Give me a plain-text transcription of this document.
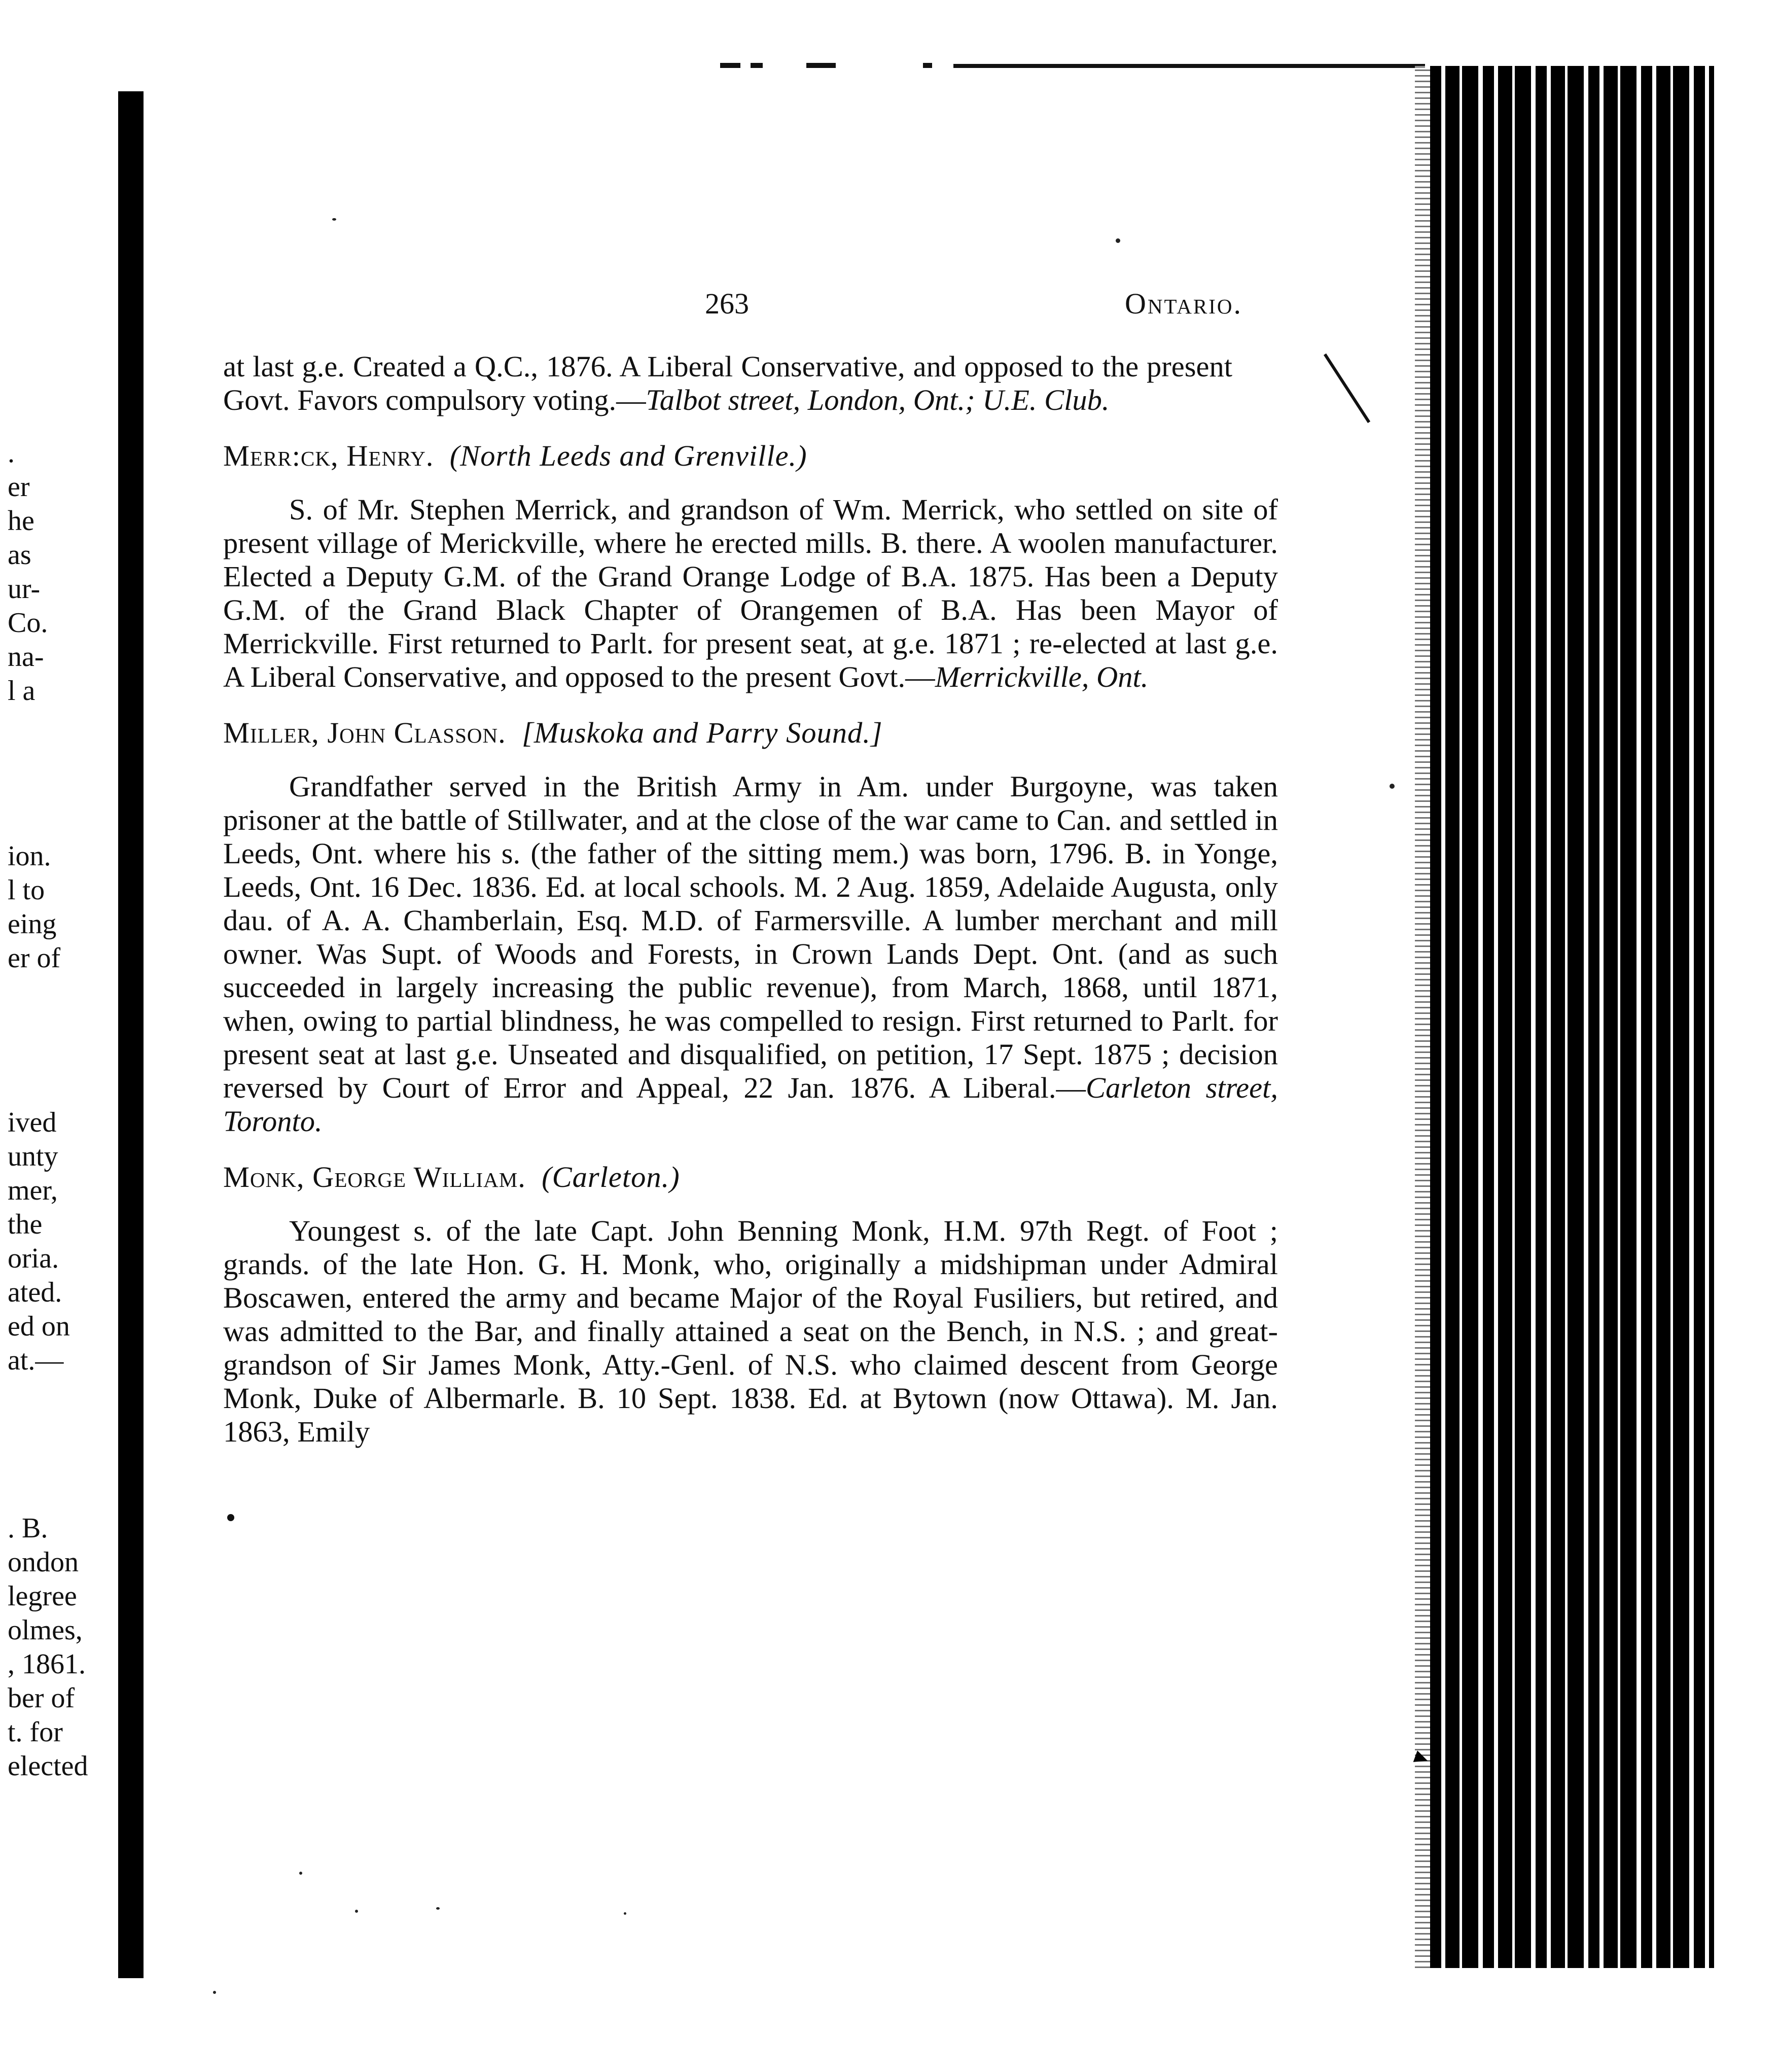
.
er
he
as
ur-
Co.
na-
l a
ion.
l to
eing
er of
ived
unty
mer,
the
oria.
ated.
ed on
at.—
. B.
ondon
legree
olmes,
, 1861.
ber of
t. for
elected
263	Ontario.

at last g.e. Created a Q.C., 1876. A Liberal Conservative, and opposed to the present Govt. Favors compulsory voting.—Talbot street, London, Ont.; U.E. Club.

Merr:ck, Henry. (North Leeds and Grenville.)

S. of Mr. Stephen Merrick, and grandson of Wm. Merrick, who settled on site of present village of Merickville, where he erected mills. B. there. A woolen manufacturer. Elected a Deputy G.M. of the Grand Orange Lodge of B.A. 1875. Has been a Deputy G.M. of the Grand Black Chapter of Orangemen of B.A. Has been Mayor of Merrickville. First returned to Parlt. for present seat, at g.e. 1871 ; re-elected at last g.e. A Liberal Conservative, and opposed to the present Govt.—Merrickville, Ont.

Miller, John Classon. [Muskoka and Parry Sound.]

Grandfather served in the British Army in Am. under Burgoyne, was taken prisoner at the battle of Stillwater, and at the close of the war came to Can. and settled in Leeds, Ont. where his s. (the father of the sitting mem.) was born, 1796. B. in Yonge, Leeds, Ont. 16 Dec. 1836. Ed. at local schools. M. 2 Aug. 1859, Adelaide Augusta, only dau. of A. A. Chamberlain, Esq. M.D. of Farmersville. A lumber merchant and mill owner. Was Supt. of Woods and Forests, in Crown Lands Dept. Ont. (and as such succeeded in largely increasing the public revenue), from March, 1868, until 1871, when, owing to partial blindness, he was compelled to resign. First returned to Parlt. for present seat at last g.e. Unseated and disqualified, on petition, 17 Sept. 1875 ; decision reversed by Court of Error and Appeal, 22 Jan. 1876. A Liberal.—Carleton street, Toronto.

Monk, George William. (Carleton.)

Youngest s. of the late Capt. John Benning Monk, H.M. 97th Regt. of Foot ; grands. of the late Hon. G. H. Monk, who, originally a midshipman under Admiral Boscawen, entered the army and became Major of the Royal Fusiliers, but retired, and was admitted to the Bar, and finally attained a seat on the Bench, in N.S. ; and great-grandson of Sir James Monk, Atty.-Genl. of N.S. who claimed descent from George Monk, Duke of Albermarle. B. 10 Sept. 1838. Ed. at Bytown (now Ottawa). M. Jan. 1863, Emily
